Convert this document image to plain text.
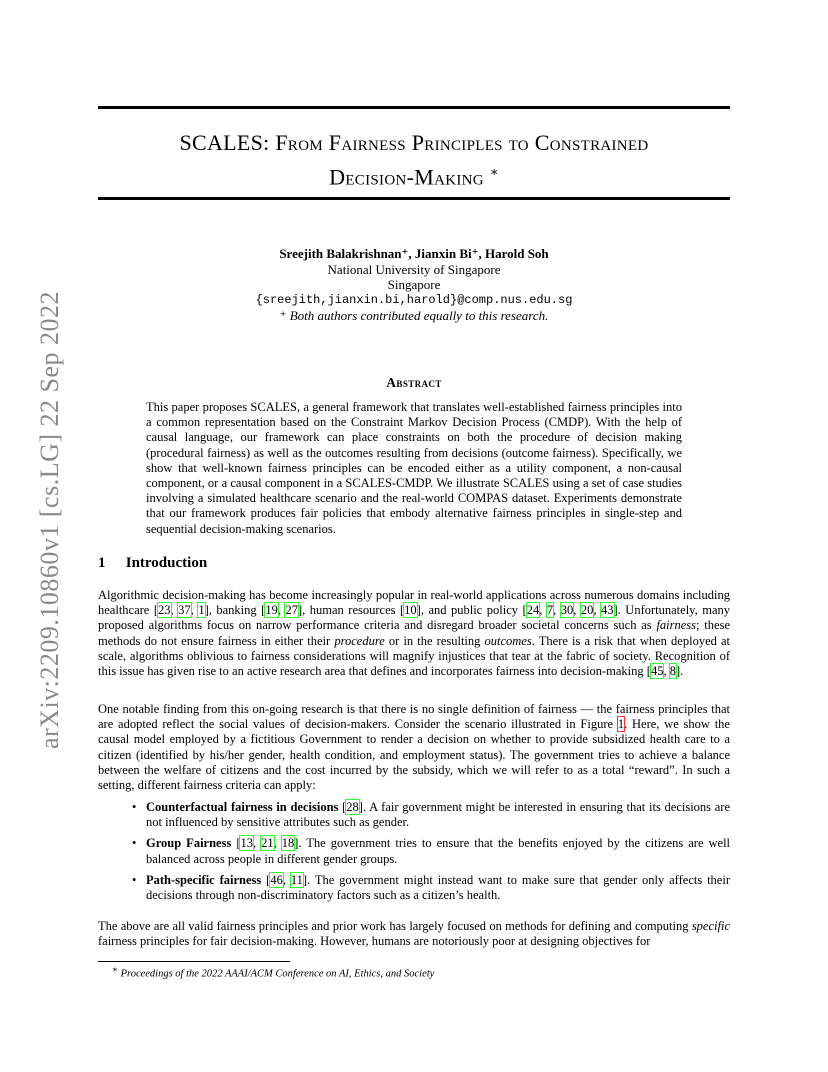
arXiv:2209.10860v1 [cs.LG] 22 Sep 2022
SCALES: From Fairness Principles to Constrained
Decision-Making ∗
Sreejith Balakrishnan⁺, Jianxin Bi⁺, Harold Soh
National University of Singapore
Singapore
{sreejith,jianxin.bi,harold}@comp.nus.edu.sg
⁺ Both authors contributed equally to this research.
Abstract
This paper proposes SCALES, a general framework that translates well-established fairness principles into a common representation based on the Constraint Markov Decision Process (CMDP). With the help of causal language, our framework can place constraints on both the procedure of decision making (procedural fairness) as well as the outcomes resulting from decisions (outcome fairness). Specifically, we show that well-known fairness principles can be encoded either as a utility component, a non-causal component, or a causal component in a SCALES-CMDP. We illustrate SCALES using a set of case studies involving a simulated healthcare scenario and the real-world COMPAS dataset. Experiments demonstrate that our framework produces fair policies that embody alternative fairness principles in single-step and sequential decision-making scenarios.
1 Introduction
Algorithmic decision-making has become increasingly popular in real-world applications across numerous domains including healthcare [23, 37, 1], banking [19, 27], human resources [10], and public policy [24, 7, 30, 20, 43]. Unfortunately, many proposed algorithms focus on narrow performance criteria and disregard broader societal concerns such as fairness; these methods do not ensure fairness in either their procedure or in the resulting outcomes. There is a risk that when deployed at scale, algorithms oblivious to fairness considerations will magnify injustices that tear at the fabric of society. Recognition of this issue has given rise to an active research area that defines and incorporates fairness into decision-making [45, 8].
One notable finding from this on-going research is that there is no single definition of fairness — the fairness principles that are adopted reflect the social values of decision-makers. Consider the scenario illustrated in Figure 1. Here, we show the causal model employed by a fictitious Government to render a decision on whether to provide subsidized health care to a citizen (identified by his/her gender, health condition, and employment status). The government tries to achieve a balance between the welfare of citizens and the cost incurred by the subsidy, which we will refer to as a total “reward”. In such a setting, different fairness criteria can apply:
• Counterfactual fairness in decisions [28]. A fair government might be interested in ensuring that its decisions are not influenced by sensitive attributes such as gender.
• Group Fairness [13, 21, 18]. The government tries to ensure that the benefits enjoyed by the citizens are well balanced across people in different gender groups.
• Path-specific fairness [46, 11]. The government might instead want to make sure that gender only affects their decisions through non-discriminatory factors such as a citizen’s health.
The above are all valid fairness principles and prior work has largely focused on methods for defining and computing specific fairness principles for fair decision-making. However, humans are notoriously poor at designing objectives for
∗ Proceedings of the 2022 AAAI/ACM Conference on AI, Ethics, and Society
